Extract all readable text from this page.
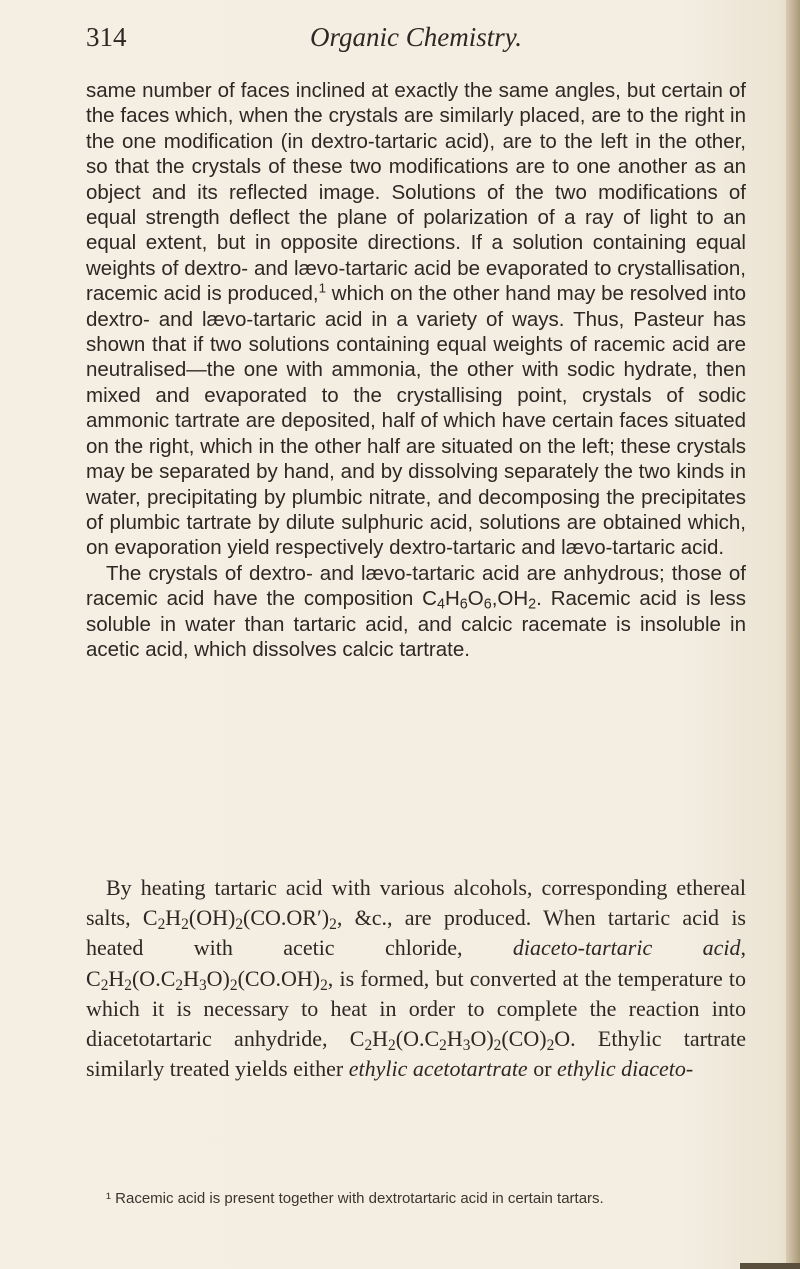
314	Organic Chemistry.

same number of faces inclined at exactly the same angles, but certain of the faces which, when the crystals are similarly placed, are to the right in the one modification (in dextro-tartaric acid), are to the left in the other, so that the crystals of these two modifications are to one another as an object and its reflected image. Solutions of the two modifications of equal strength deflect the plane of polarization of a ray of light to an equal extent, but in opposite directions. If a solution containing equal weights of dextro- and lævo-tartaric acid be evaporated to crystallisation, racemic acid is produced,$^1$ which on the other hand may be resolved into dextro- and lævo-tartaric acid in a variety of ways. Thus, Pasteur has shown that if two solutions containing equal weights of racemic acid are neutralised—the one with ammonia, the other with sodic hydrate, then mixed and evaporated to the crystallising point, crystals of sodic ammonic tartrate are deposited, half of which have certain faces situated on the right, which in the other half are situated on the left; these crystals may be separated by hand, and by dissolving separately the two kinds in water, precipitating by plumbic nitrate, and decomposing the precipitates of plumbic tartrate by dilute sulphuric acid, solutions are obtained which, on evaporation yield respectively dextro-tartaric and lævo-tartaric acid.

The crystals of dextro- and lævo-tartaric acid are anhydrous; those of racemic acid have the composition $C_4H_6O_6,OH_2$. Racemic acid is less soluble in water than tartaric acid, and calcic racemate is insoluble in acetic acid, which dissolves calcic tartrate.

By heating tartaric acid with various alcohols, corresponding ethereal salts, $C_2H_2(OH)_2(CO.OR')_2$, &c., are produced. When tartaric acid is heated with acetic chloride, diaceto-tartaric acid, $C_2H_2(O.C_2H_3O)_2(CO.OH)_2$, is formed, but converted at the temperature to which it is necessary to heat in order to complete the reaction into diacetotartaric anhydride, $C_2H_2(O.C_2H_3O)_2(CO)_2O$. Ethylic tartrate similarly treated yields either ethylic acetotartrate or ethylic diaceto-

¹ Racemic acid is present together with dextrotartaric acid in certain tartars.
